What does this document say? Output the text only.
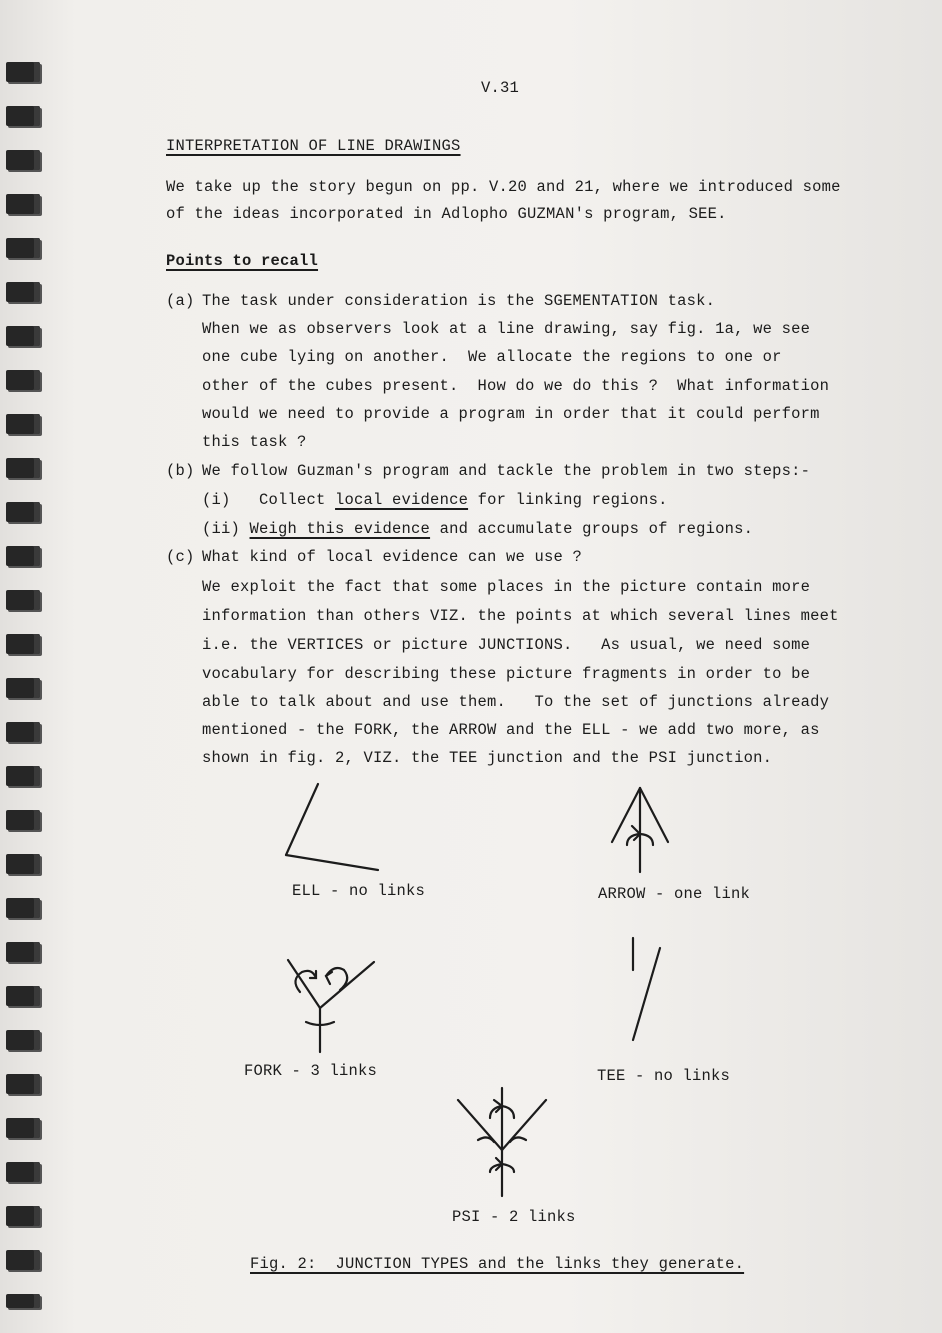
V.31
INTERPRETATION OF LINE DRAWINGS
We take up the story begun on pp. V.20 and 21, where we introduced some
of the ideas incorporated in Adlopho GUZMAN's program, SEE.
Points to recall
(a) The task under consideration is the SGEMENTATION task.
When we as observers look at a line drawing, say fig. 1a, we see
one cube lying on another.  We allocate the regions to one or
other of the cubes present.  How do we do this ?  What information
would we need to provide a program in order that it could perform
this task ?
(b) We follow Guzman's program and tackle the problem in two steps:-
(i) Collect local evidence for linking regions.
(ii) Weigh this evidence and accumulate groups of regions.
(c) What kind of local evidence can we use ?
We exploit the fact that some places in the picture contain more
information than others VIZ. the points at which several lines meet
i.e. the VERTICES or picture JUNCTIONS.   As usual, we need some
vocabulary for describing these picture fragments in order to be
able to talk about and use them.   To the set of junctions already
mentioned - the FORK, the ARROW and the ELL - we add two more, as
shown in fig. 2, VIZ. the TEE junction and the PSI junction.
ELL - no links	ARROW - one link
FORK - 3 links	TEE - no links
PSI - 2 links
Fig. 2:  JUNCTION TYPES and the links they generate.
